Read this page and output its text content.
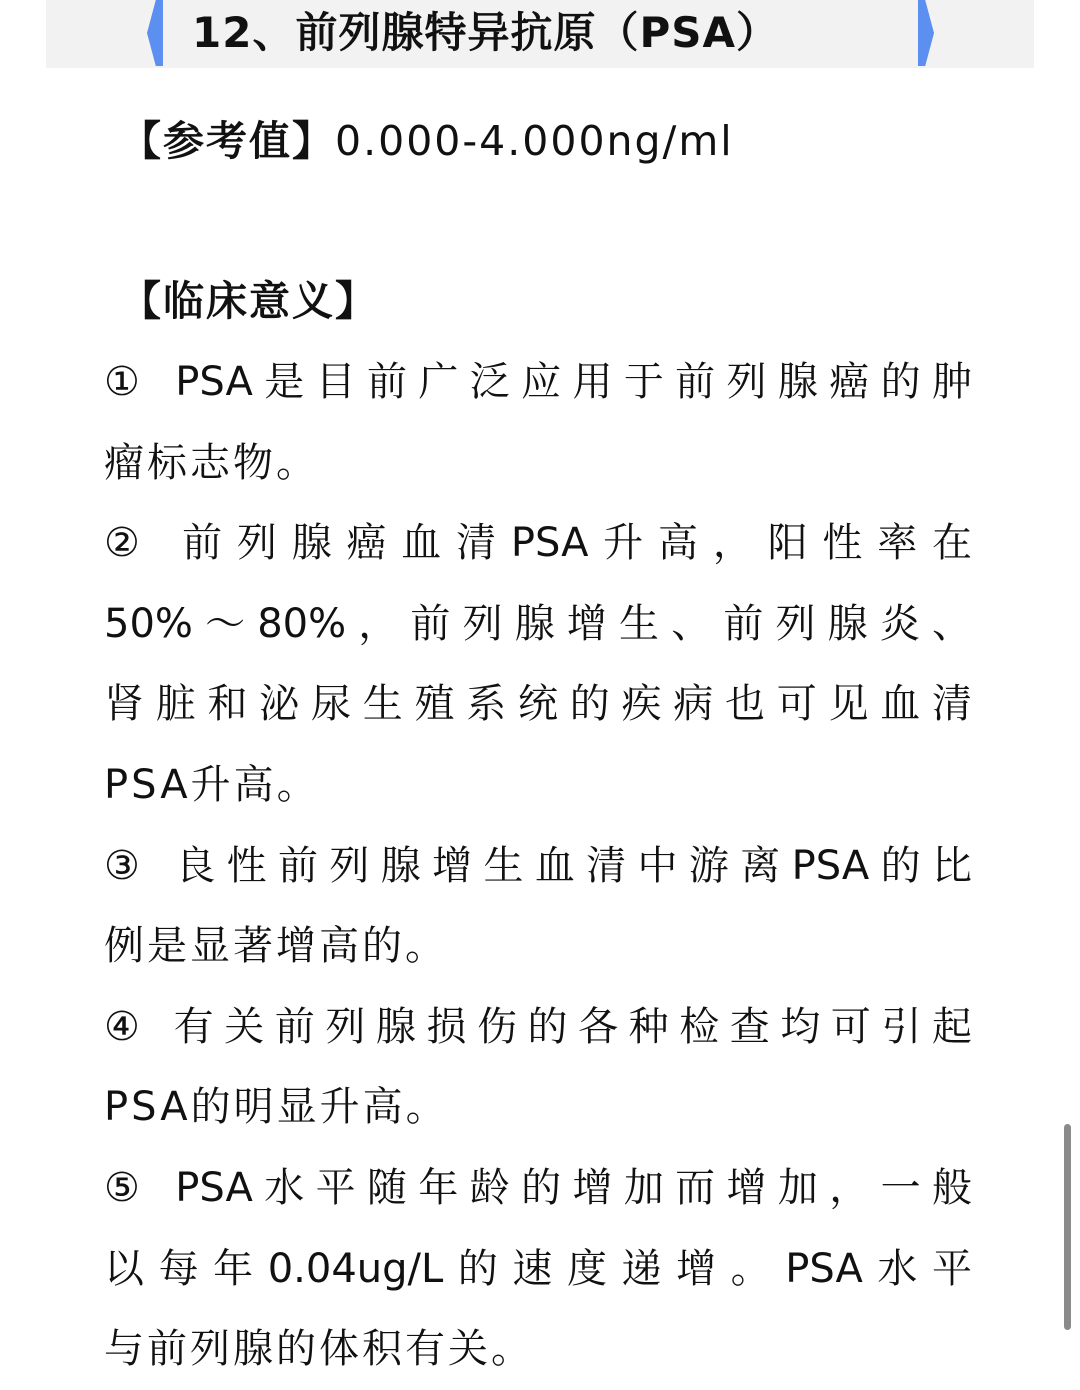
12、前列腺特异抗原（PSA）
【参考值】0.000-4.000ng/ml
【临床意义】
① PSA是目前广泛应用于前列腺癌的肿
瘤标志物。
② 前列腺癌血清PSA升高，阳性率在
50%～80%，前列腺增生、前列腺炎、
肾脏和泌尿生殖系统的疾病也可见血清
PSA升高。
③ 良性前列腺增生血清中游离PSA的比
例是显著增高的。
④ 有关前列腺损伤的各种检查均可引起
PSA的明显升高。
⑤ PSA水平随年龄的增加而增加，一般
以每年0.04ug/L的速度递增。PSA水平
与前列腺的体积有关。
